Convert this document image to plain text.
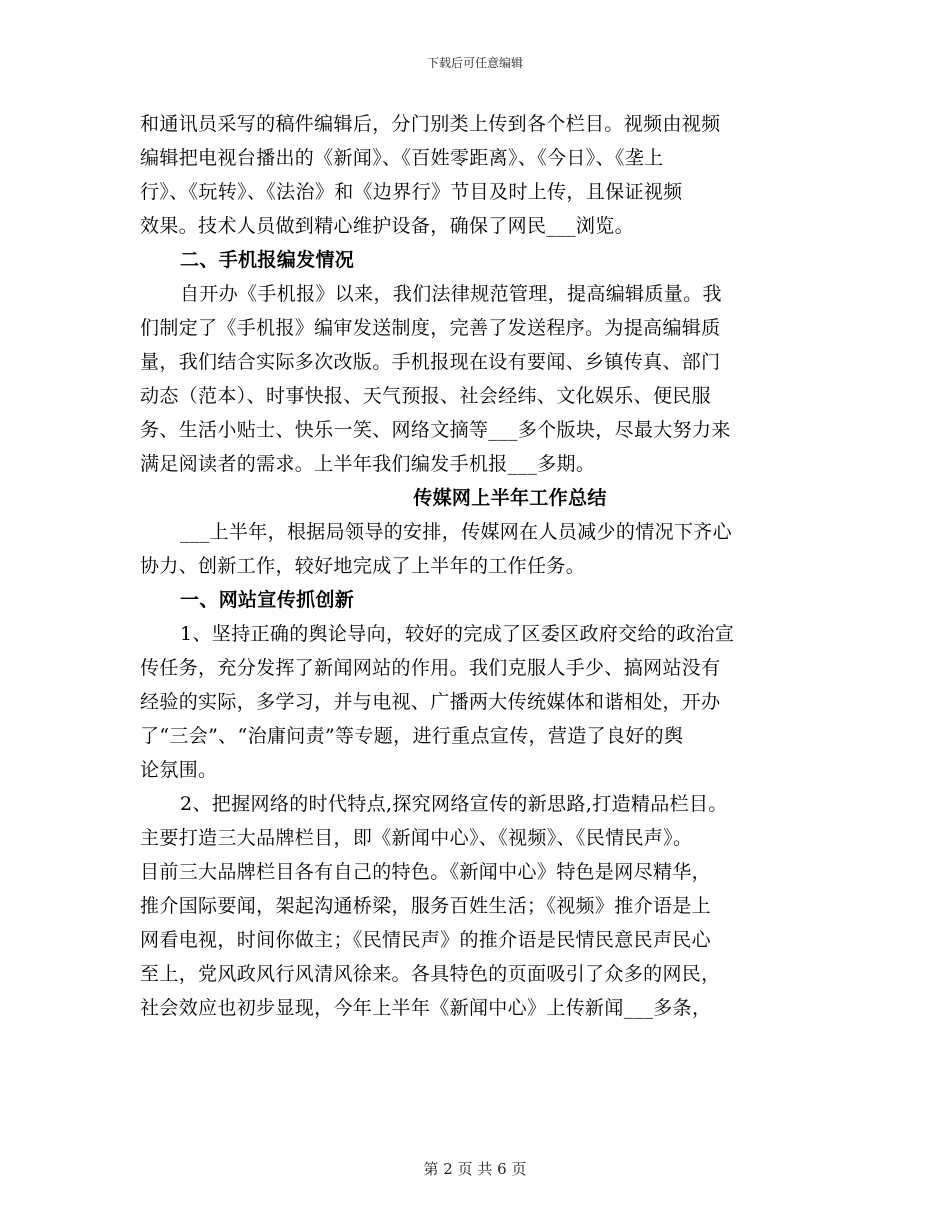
下载后可任意编辑
和通讯员采写的稿件编辑后，分门别类上传到各个栏目。视频由视频
编辑把电视台播出的《新闻》、《百姓零距离》、《今日》、《垄上
行》、《玩转》、《法治》和《边界行》节目及时上传，且保证视频
效果。技术人员做到精心维护设备，确保了网民___浏览。
二、手机报编发情况
自开办《手机报》以来，我们法律规范管理，提高编辑质量。我
们制定了《手机报》编审发送制度，完善了发送程序。为提高编辑质
量，我们结合实际多次改版。手机报现在设有要闻、乡镇传真、部门
动态（范本）、时事快报、天气预报、社会经纬、文化娱乐、便民服
务、生活小贴士、快乐一笑、网络文摘等___多个版块，尽最大努力来
满足阅读者的需求。上半年我们编发手机报___多期。
传媒网上半年工作总结
___上半年，根据局领导的安排，传媒网在人员减少的情况下齐心
协力、创新工作，较好地完成了上半年的工作任务。
一、网站宣传抓创新
1、坚持正确的舆论导向，较好的完成了区委区政府交给的政治宣
传任务，充分发挥了新闻网站的作用。我们克服人手少、搞网站没有
经验的实际，多学习，并与电视、广播两大传统媒体和谐相处，开办
了“三会”、“治庸问责”等专题，进行重点宣传，营造了良好的舆
论氛围。
2、把握网络的时代特点,探究网络宣传的新思路,打造精品栏目。
主要打造三大品牌栏目，即《新闻中心》、《视频》、《民情民声》。
目前三大品牌栏目各有自己的特色。《新闻中心》特色是网尽精华，
推介国际要闻，架起沟通桥梁，服务百姓生活；《视频》推介语是上
网看电视，时间你做主；《民情民声》的推介语是民情民意民声民心
至上，党风政风行风清风徐来。各具特色的页面吸引了众多的网民，
社会效应也初步显现，今年上半年《新闻中心》上传新闻___多条，
第 2 页 共 6 页
